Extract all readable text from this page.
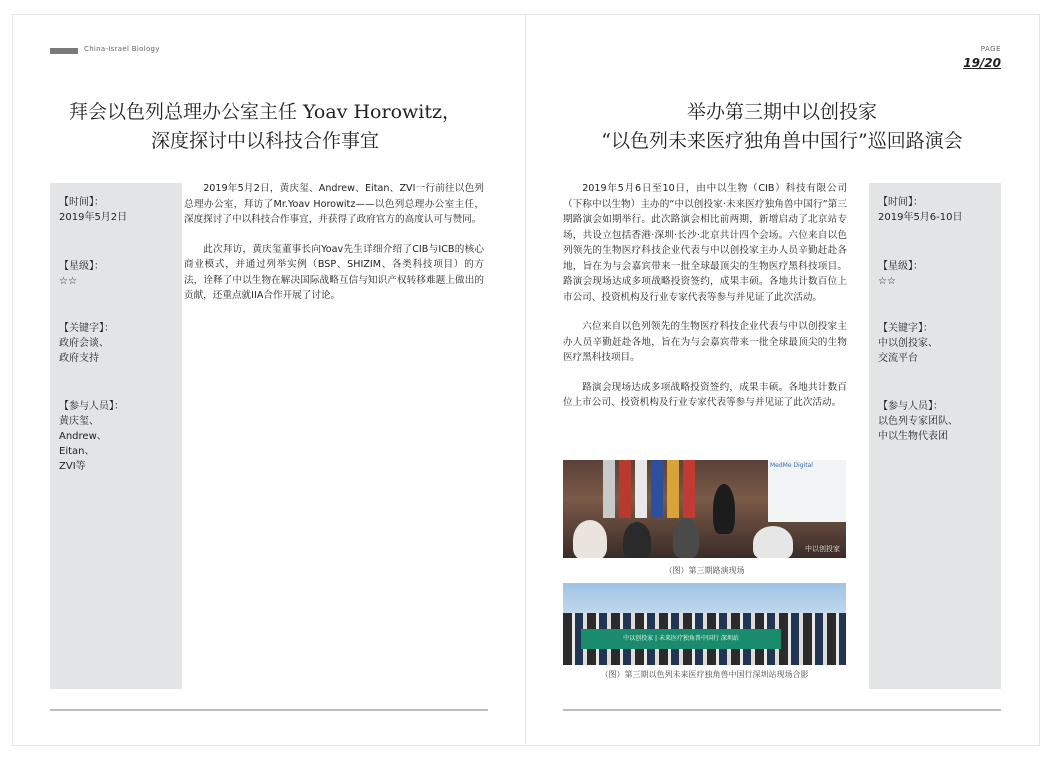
China-Israel Biology	PAGE
19/20
拜会以色列总理办公室主任 Yoav Horowitz，
深度探讨中以科技合作事宜
【时间】：
2019年5月2日
【星级】：
☆☆
【关键字】：
政府会谈、
政府支持
【参与人员】：
黄庆玺、
Andrew、
Eitan、
ZVI等

2019年5月2日，黄庆玺、Andrew、Eitan、ZVI一行前往以色列总理办公室，拜访了Mr.Yoav Horowitz——以色列总理办公室主任，深度探讨了中以科技合作事宜，并获得了政府官方的高度认可与赞同。

此次拜访，黄庆玺董事长向Yoav先生详细介绍了CIB与ICB的核心商业模式，并通过列举实例（BSP、SHIZIM、各类科技项目）的方法，诠释了中以生物在解决国际战略互信与知识产权转移难题上做出的贡献，还重点就IIA合作开展了讨论。

举办第三期中以创投家
“以色列未来医疗独角兽中国行”巡回路演会

2019年5月6日至10日，由中以生物（CIB）科技有限公司（下称中以生物）主办的“中以创投家·未来医疗独角兽中国行”第三期路演会如期举行。此次路演会相比前两期，新增启动了北京站专场，共设立包括香港·深圳·长沙·北京共计四个会场。六位来自以色列领先的生物医疗科技企业代表与中以创投家主办人员辛勤赶赴各地，旨在为与会嘉宾带来一批全球最顶尖的生物医疗黑科技项目。路演会现场达成多项战略投资签约，成果丰硕。各地共计数百位上市公司、投资机构及行业专家代表等参与并见证了此次活动。

六位来自以色列领先的生物医疗科技企业代表与中以创投家主办人员辛勤赶赴各地，旨在为与会嘉宾带来一批全球最顶尖的生物医疗黑科技项目。

路演会现场达成多项战略投资签约，成果丰硕。各地共计数百位上市公司、投资机构及行业专家代表等参与并见证了此次活动。

MedMe Digital
中以创投家
（图）第三期路演现场
中以创投家 | 未来医疗独角兽中国行 深圳站
（图）第三期以色列未来医疗独角兽中国行深圳站现场合影
【时间】：
2019年5月6-10日
【星级】：
☆☆
【关键字】：
中以创投家、
交流平台
【参与人员】：
以色列专家团队、
中以生物代表团
